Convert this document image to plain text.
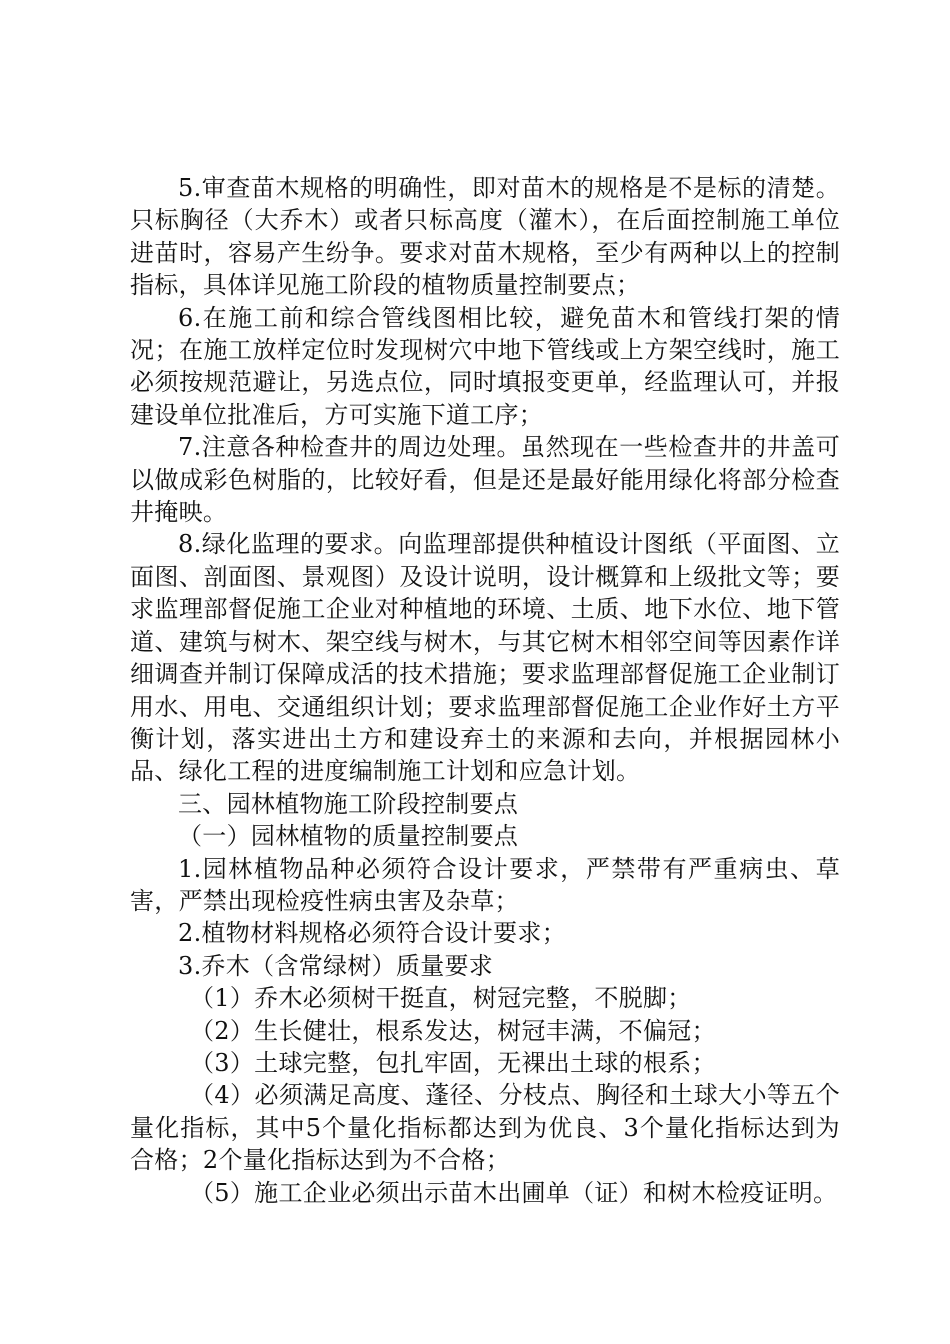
5.审查苗木规格的明确性，即对苗木的规格是不是标的清楚。只标胸径（大乔木）或者只标高度（灌木），在后面控制施工单位进苗时，容易产生纷争。要求对苗木规格，至少有两种以上的控制指标，具体详见施工阶段的植物质量控制要点；

6.在施工前和综合管线图相比较，避免苗木和管线打架的情况；在施工放样定位时发现树穴中地下管线或上方架空线时，施工必须按规范避让，另选点位，同时填报变更单，经监理认可，并报建设单位批准后，方可实施下道工序；

7.注意各种检查井的周边处理。虽然现在一些检查井的井盖可以做成彩色树脂的，比较好看，但是还是最好能用绿化将部分检查井掩映。

8.绿化监理的要求。向监理部提供种植设计图纸（平面图、立面图、剖面图、景观图）及设计说明，设计概算和上级批文等；要求监理部督促施工企业对种植地的环境、土质、地下水位、地下管道、建筑与树木、架空线与树木，与其它树木相邻空间等因素作详细调查并制订保障成活的技术措施；要求监理部督促施工企业制订用水、用电、交通组织计划；要求监理部督促施工企业作好土方平衡计划，落实进出土方和建设弃土的来源和去向，并根据园林小品、绿化工程的进度编制施工计划和应急计划。

三、园林植物施工阶段控制要点

（一）园林植物的质量控制要点

1.园林植物品种必须符合设计要求，严禁带有严重病虫、草害，严禁出现检疫性病虫害及杂草；

2.植物材料规格必须符合设计要求；

3.乔木（含常绿树）质量要求

（1）乔木必须树干挺直，树冠完整，不脱脚；

（2）生长健壮，根系发达，树冠丰满，不偏冠；

（3）土球完整，包扎牢固，无裸出土球的根系；

（4）必须满足高度、蓬径、分枝点、胸径和土球大小等五个量化指标，其中5个量化指标都达到为优良、3个量化指标达到为合格；2个量化指标达到为不合格；

（5）施工企业必须出示苗木出圃单（证）和树木检疫证明。
